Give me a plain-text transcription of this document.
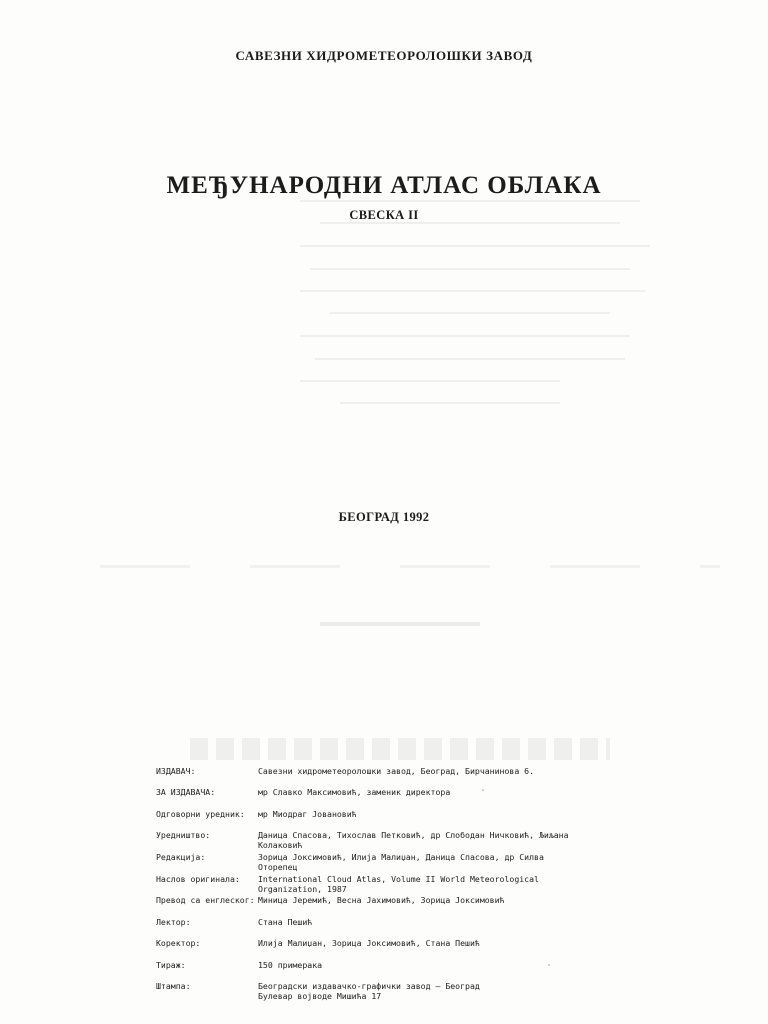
САВЕЗНИ ХИДРОМЕТЕОРОЛОШКИ ЗАВОД
МЕЂУНАРОДНИ АТЛАС ОБЛАКА
СВЕСКА II
БЕОГРАД 1992
ИЗДАВАЧ:	Савезни хидрометеоролошки завод, Београд, Бирчанинова 6.
ЗА ИЗДАВАЧА:	мр Славко Максимовић, заменик директора
Одговорни уредник:	мр Миодраг Јовановић
Уредништво:	Даница Спасова, Тихослав Петковић, др Слободан Ничковић, Љиљана Колаковић
Редакција:	Зорица Јоксимовић, Илија Малиџан, Даница Спасова, др Силва Оторепец
Наслов оригинала:	International Cloud Atlas, Volume II World Meteorological Organization, 1987
Превод са енглеског: Миница Јеремић, Весна Јахимовић, Зорица Јоксимовић
Лектор:	Стана Пешић
Коректор:	Илија Малиџан, Зорица Јоксимовић, Стана Пешић
Тираж:	150 примерака
Штампа:	Београдски издавачко-графички завод — Београд
Булевар војводе Мишића 17
